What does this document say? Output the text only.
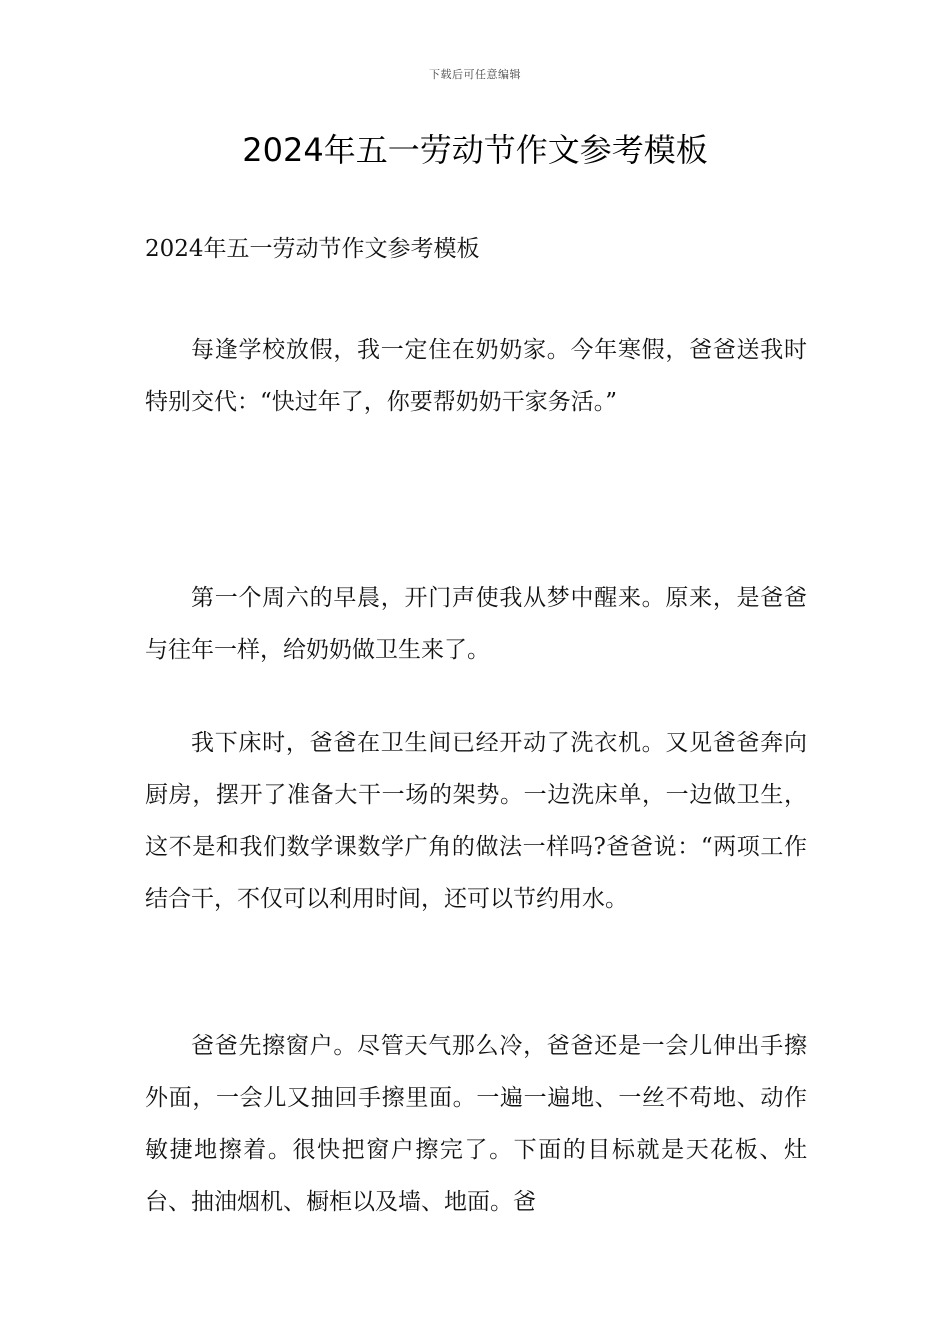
下载后可任意编辑
2024年五一劳动节作文参考模板

2024年五一劳动节作文参考模板

每逢学校放假，我一定住在奶奶家。今年寒假，爸爸送我时特别交代：“快过年了，你要帮奶奶干家务活。”

第一个周六的早晨，开门声使我从梦中醒来。原来，是爸爸与往年一样，给奶奶做卫生来了。

我下床时，爸爸在卫生间已经开动了洗衣机。又见爸爸奔向厨房，摆开了准备大干一场的架势。一边洗床单，一边做卫生，这不是和我们数学课数学广角的做法一样吗?爸爸说：“两项工作结合干，不仅可以利用时间，还可以节约用水。

爸爸先擦窗户。尽管天气那么冷，爸爸还是一会儿伸出手擦外面，一会儿又抽回手擦里面。一遍一遍地、一丝不苟地、动作敏捷地擦着。很快把窗户擦完了。下面的目标就是天花板、灶台、抽油烟机、橱柜以及墙、地面。爸
